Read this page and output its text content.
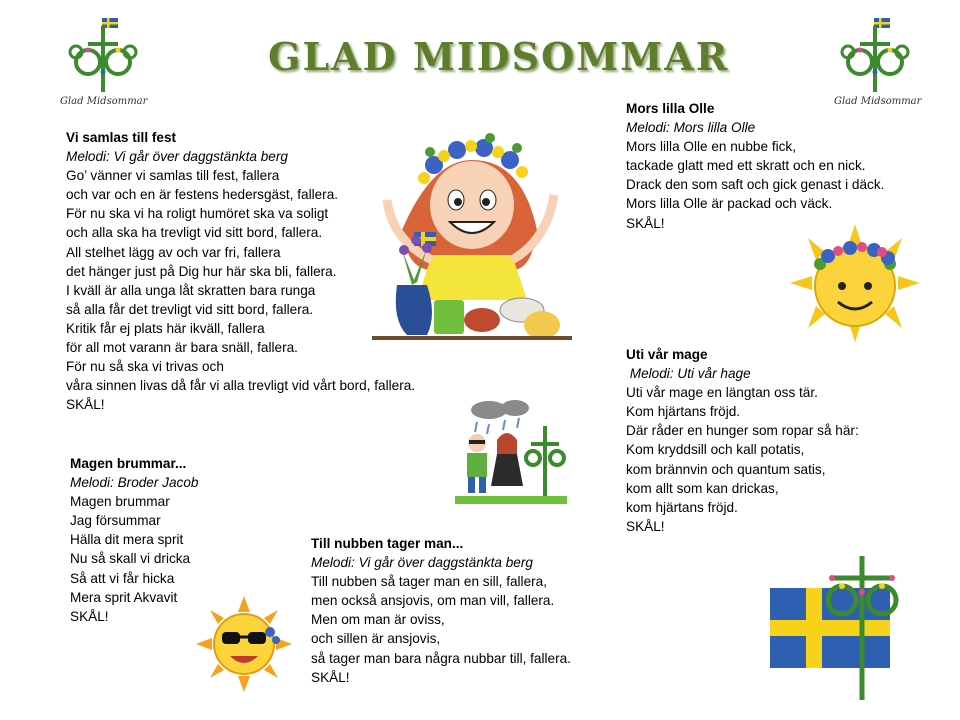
GLAD MIDSOMMAR
Glad Midsommar	Glad Midsommar
Vi samlas till fest
Melodi: Vi går över daggstänkta berg
Go’ vänner vi samlas till fest, fallera
och var och en är festens hedersgäst, fallera.
För nu ska vi ha roligt humöret ska va soligt
och alla ska ha trevligt vid sitt bord, fallera.
All stelhet lägg av och var fri, fallera
det hänger just på Dig hur här ska bli, fallera.
I kväll är alla unga låt skratten bara runga
så alla får det trevligt vid sitt bord, fallera.
Kritik får ej plats här ikväll, fallera
för all mot varann är bara snäll, fallera.
För nu så ska vi trivas och
våra sinnen livas då får vi alla trevligt vid vårt bord, fallera.
SKÅL!
Magen brummar...
Melodi: Broder Jacob
Magen brummar
Jag försummar
Hälla dit mera sprit
Nu så skall vi dricka
Så att vi får hicka
Mera sprit Akvavit
SKÅL!
Till nubben tager man...
Melodi: Vi går över daggstänkta berg
Till nubben så tager man en sill, fallera,
men också ansjovis, om man vill, fallera.
Men om man är oviss,
och sillen är ansjovis,
så tager man bara några nubbar till, fallera.
SKÅL!
Mors lilla Olle
Melodi: Mors lilla Olle
Mors lilla Olle en nubbe fick,
tackade glatt med ett skratt och en nick.
Drack den som saft och gick genast i däck.
Mors lilla Olle är packad och väck.
SKÅL!
Uti vår mage
Melodi: Uti vår hage
Uti vår mage en längtan oss tär.
Kom hjärtans fröjd.
Där råder en hunger som ropar så här:
Kom kryddsill och kall potatis,
kom brännvin och quantum satis,
kom allt som kan drickas,
kom hjärtans fröjd.
SKÅL!
